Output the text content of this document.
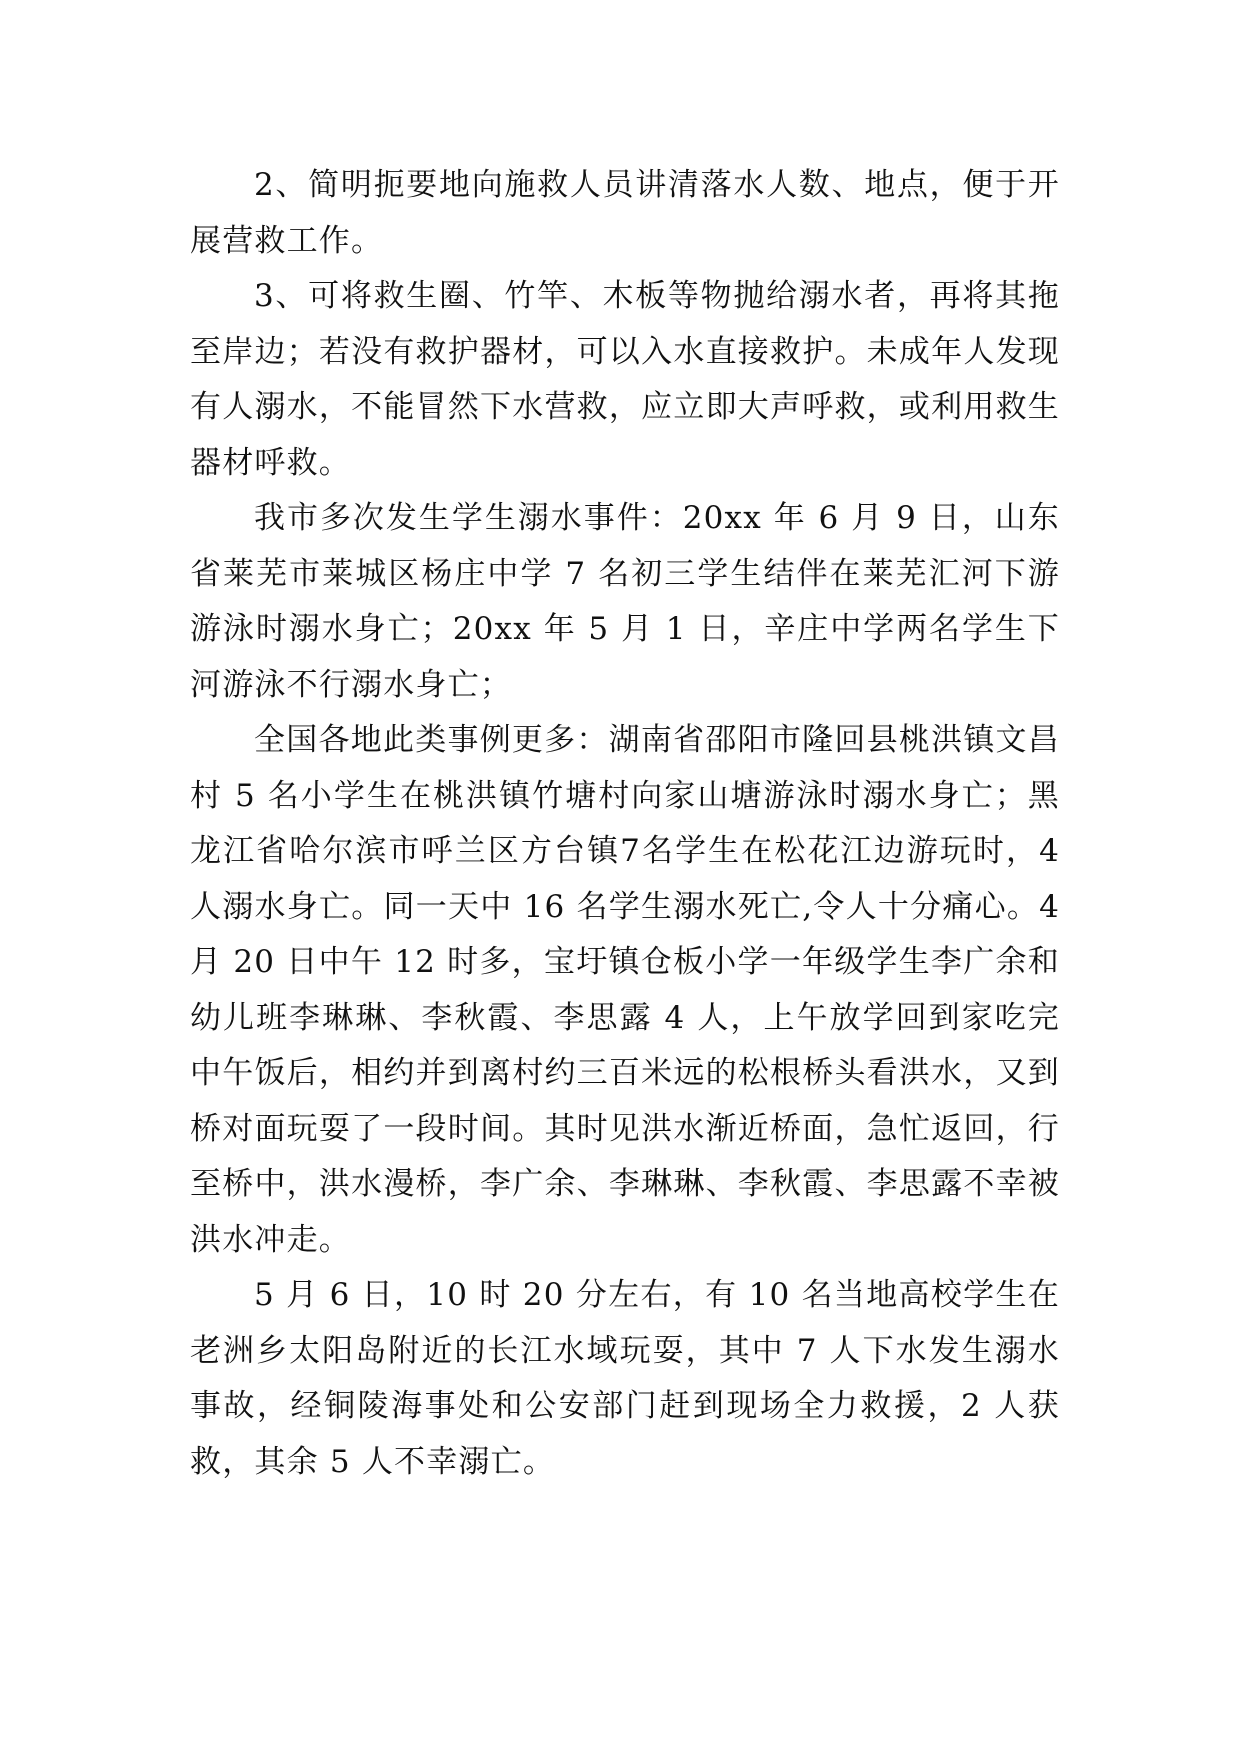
2、简明扼要地向施救人员讲清落水人数、地点，便于开展营救工作。

3、可将救生圈、竹竿、木板等物抛给溺水者，再将其拖至岸边；若没有救护器材，可以入水直接救护。未成年人发现有人溺水，不能冒然下水营救，应立即大声呼救，或利用救生器材呼救。

我市多次发生学生溺水事件：20xx 年 6 月 9 日，山东省莱芜市莱城区杨庄中学 7 名初三学生结伴在莱芜汇河下游游泳时溺水身亡；20xx 年 5 月 1 日，辛庄中学两名学生下河游泳不行溺水身亡；

全国各地此类事例更多：湖南省邵阳市隆回县桃洪镇文昌村 5 名小学生在桃洪镇竹塘村向家山塘游泳时溺水身亡；黑龙江省哈尔滨市呼兰区方台镇7名学生在松花江边游玩时，4 人溺水身亡。同一天中 16 名学生溺水死亡,令人十分痛心。4 月 20 日中午 12 时多，宝圩镇仓板小学一年级学生李广余和幼儿班李琳琳、李秋霞、李思露 4 人，上午放学回到家吃完中午饭后，相约并到离村约三百米远的松根桥头看洪水，又到桥对面玩耍了一段时间。其时见洪水渐近桥面，急忙返回，行至桥中，洪水漫桥，李广余、李琳琳、李秋霞、李思露不幸被洪水冲走。

5 月 6 日，10 时 20 分左右，有 10 名当地高校学生在老洲乡太阳岛附近的长江水域玩耍，其中 7 人下水发生溺水事故，经铜陵海事处和公安部门赶到现场全力救援，2 人获救，其余 5 人不幸溺亡。
